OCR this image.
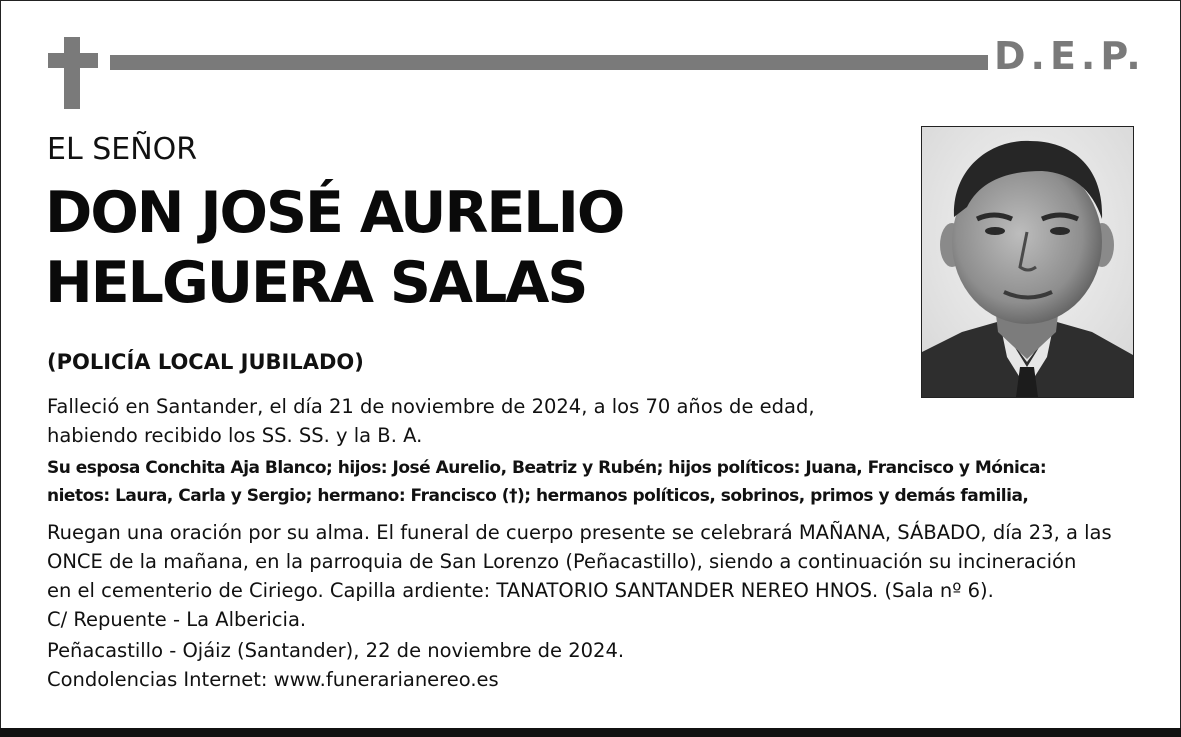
D.E.P.
EL SEÑOR
DON JOSÉ AURELIO
HELGUERA SALAS
(POLICÍA LOCAL JUBILADO)
Falleció en Santander, el día 21 de noviembre de 2024, a los 70 años de edad,
habiendo recibido los SS. SS. y la B. A.
Su esposa Conchita Aja Blanco; hijos: José Aurelio, Beatriz y Rubén; hijos políticos: Juana, Francisco y Mónica:
nietos: Laura, Carla y Sergio; hermano: Francisco (†); hermanos políticos, sobrinos, primos y demás familia,
Ruegan una oración por su alma. El funeral de cuerpo presente se celebrará MAÑANA, SÁBADO, día 23, a las
ONCE de la mañana, en la parroquia de San Lorenzo (Peñacastillo), siendo a continuación su incineración
en el cementerio de Ciriego. Capilla ardiente: TANATORIO SANTANDER NEREO HNOS. (Sala nº 6).
C/ Repuente - La Albericia.
Peñacastillo - Ojáiz (Santander), 22 de noviembre de 2024.
Condolencias Internet: www.funerarianereo.es
